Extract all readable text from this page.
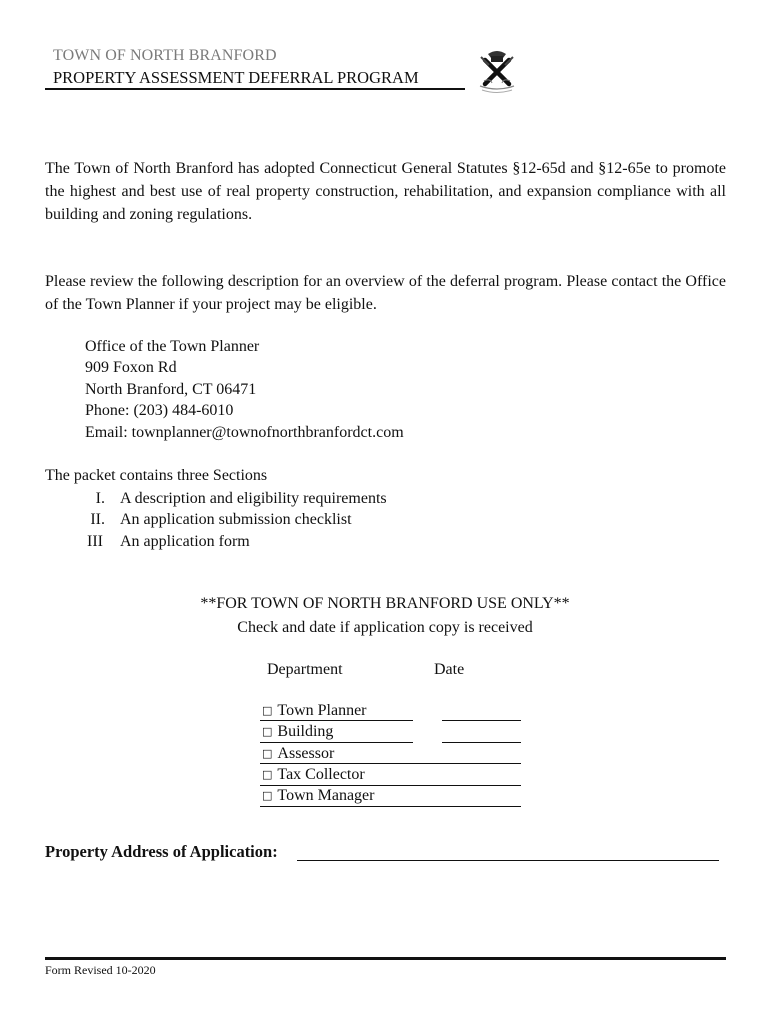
TOWN OF NORTH BRANFORD
PROPERTY ASSESSMENT DEFERRAL PROGRAM
The Town of North Branford has adopted Connecticut General Statutes §12-65d and §12-65e to promote the highest and best use of real property construction, rehabilitation, and expansion compliance with all building and zoning regulations.
Please review the following description for an overview of the deferral program. Please contact the Office of the Town Planner if your project may be eligible.
Office of the Town Planner
909 Foxon Rd
North Branford, CT 06471
Phone: (203) 484-6010
Email: townplanner@townofnorthbranfordct.com
The packet contains three Sections
I. A description and eligibility requirements
II. An application submission checklist
III An application form
**FOR TOWN OF NORTH BRANFORD USE ONLY**
Check and date if application copy is received
Department	Date
□ Town Planner
□ Building
□ Assessor
□ Tax Collector
□ Town Manager
Property Address of Application:
Form Revised 10-2020
